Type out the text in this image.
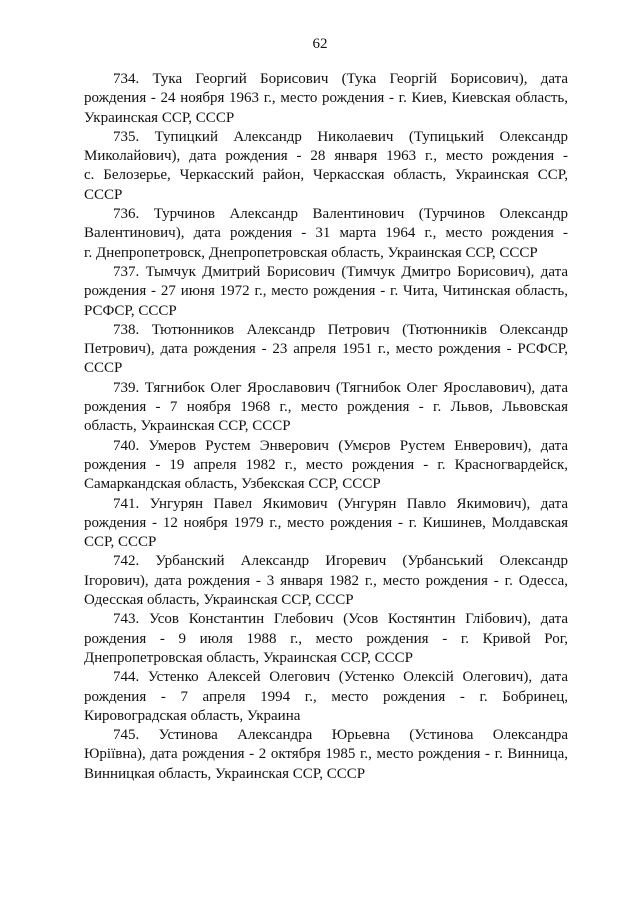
62
734. Тука Георгий Борисович (Тука Георгій Борисович), дата
рождения - 24 ноября 1963 г., место рождения - г. Киев, Киевская область,
Украинская ССР, СССР
735. Тупицкий Александр Николаевич (Тупицький Олександр
Миколайович), дата рождения - 28 января 1963 г., место рождения -
с. Белозерье, Черкасский район, Черкасская область, Украинская ССР,
СССР
736. Турчинов Александр Валентинович (Турчинов Олександр
Валентинович), дата рождения - 31 марта 1964 г., место рождения -
г. Днепропетровск, Днепропетровская область, Украинская ССР, СССР
737. Тымчук Дмитрий Борисович (Тимчук Дмитро Борисович), дата
рождения - 27 июня 1972 г., место рождения - г. Чита, Читинская область,
РСФСР, СССР
738. Тютюнников Александр Петрович (Тютюнників Олександр
Петрович), дата рождения - 23 апреля 1951 г., место рождения - РСФСР,
СССР
739. Тягнибок Олег Ярославович (Тягнибок Олег Ярославович), дата
рождения - 7 ноября 1968 г., место рождения - г. Львов, Львовская
область, Украинская ССР, СССР
740. Умеров Рустем Энверович (Умєров Рустем Енверович), дата
рождения - 19 апреля 1982 г., место рождения - г. Красногвардейск,
Самаркандская область, Узбекская ССР, СССР
741. Унгурян Павел Якимович (Унгурян Павло Якимович), дата
рождения - 12 ноября 1979 г., место рождения - г. Кишинев, Молдавская
ССР, СССР
742. Урбанский Александр Игоревич (Урбанський Олександр
Ігорович), дата рождения - 3 января 1982 г., место рождения - г. Одесса,
Одесская область, Украинская ССР, СССР
743. Усов Константин Глебович (Усов Костянтин Глібович), дата
рождения - 9 июля 1988 г., место рождения - г. Кривой Рог,
Днепропетровская область, Украинская ССР, СССР
744. Устенко Алексей Олегович (Устенко Олексій Олегович), дата
рождения - 7 апреля 1994 г., место рождения - г. Бобринец,
Кировоградская область, Украина
745. Устинова Александра Юрьевна (Устинова Олександра
Юріївна), дата рождения - 2 октября 1985 г., место рождения - г. Винница,
Винницкая область, Украинская ССР, СССР
